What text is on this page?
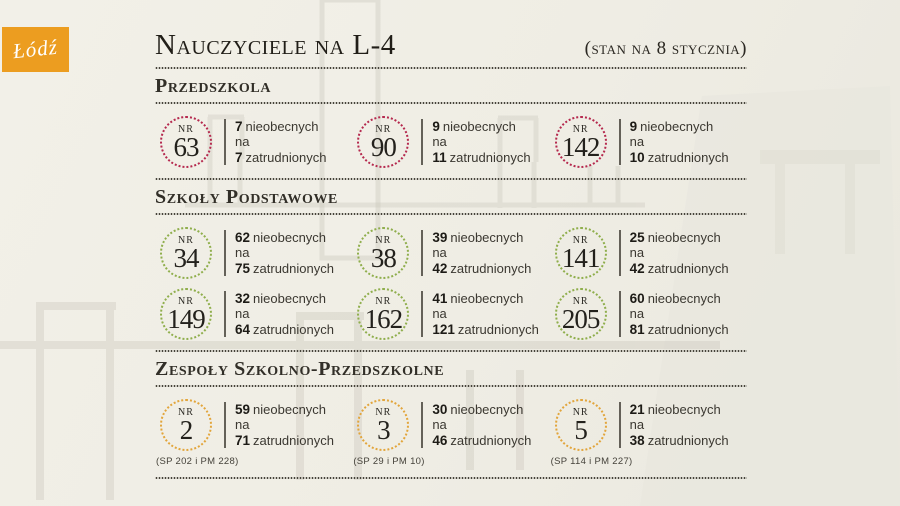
Łódź	Nauczyciele na L-4	(stan na 8 stycznia)
Przedszkola
NR
63
7 nieobecnych
na
7 zatrudnionych
NR
90
9 nieobecnych
na
11 zatrudnionych
NR
142
9 nieobecnych
na
10 zatrudnionych
Szkoły Podstawowe
NR
34
62 nieobecnych
na
75 zatrudnionych
NR
38
39 nieobecnych
na
42 zatrudnionych
NR
141
25 nieobecnych
na
42 zatrudnionych
NR
149
32 nieobecnych
na
64 zatrudnionych
NR
162
41 nieobecnych
na
121 zatrudnionych
NR
205
60 nieobecnych
na
81 zatrudnionych
Zespoły Szkolno-Przedszkolne
NR
2
59 nieobecnych
na
71 zatrudnionych
(SP 202 i PM 228)
NR
3
30 nieobecnych
na
46 zatrudnionych
(SP 29 i PM 10)
NR
5
21 nieobecnych
na
38 zatrudnionych
(SP 114 i PM 227)
